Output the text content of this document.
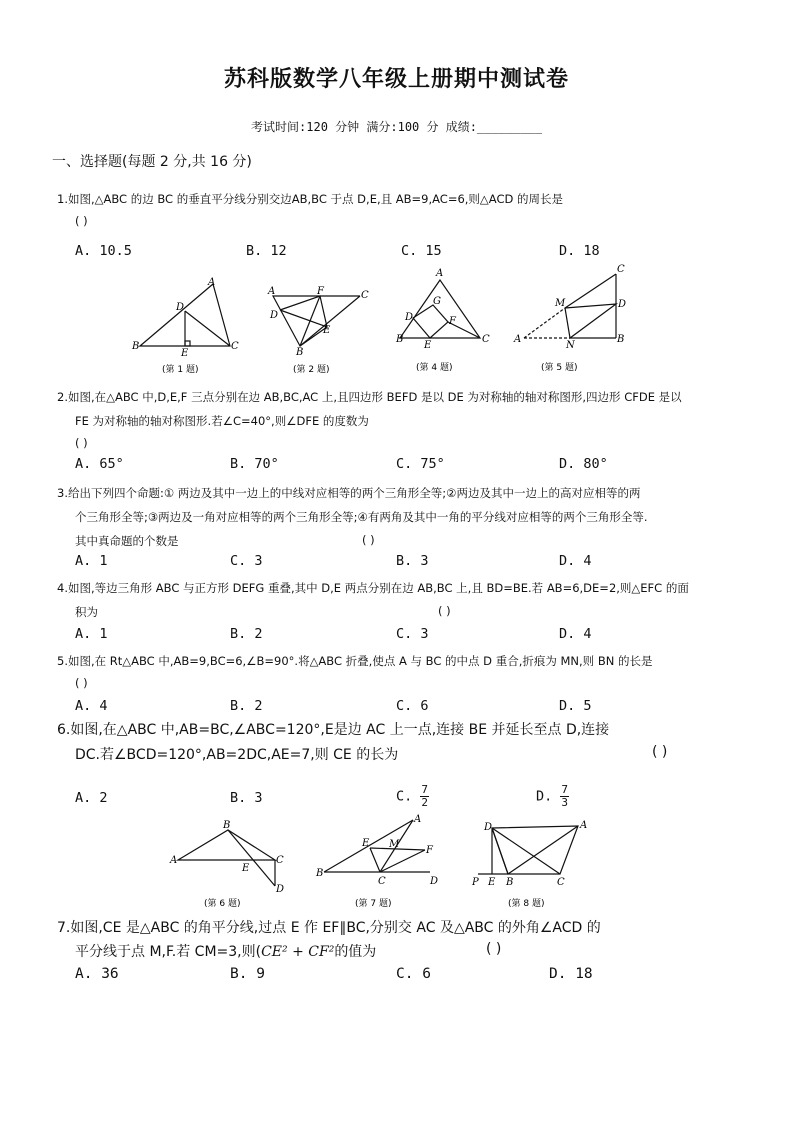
苏科版数学八年级上册期中测试卷
考试时间:120 分钟 满分:100 分 成绩:_________
一、选择题(每题 2 分,共 16 分)
1.如图,△ABC 的边 BC 的垂直平分线分别交边AB,BC 于点 D,E,且 AB=9,AC=6,则△ACD 的周长是
( )
A. 10.5	B. 12	C. 15	D. 18
A
D
B
E
C
(第 1 题)
A	F	C
D
E
B
(第 2 题)
A
G
D	F
B
E
C
(第 4 题)
C
M	D
A
N
B
(第 5 题)
2.如图,在△ABC 中,D,E,F 三点分别在边 AB,BC,AC 上,且四边形 BEFD 是以 DE 为对称轴的轴对称图形,四边形 CFDE 是以
FE 为对称轴的轴对称图形.若∠C=40°,则∠DFE 的度数为
( )
A. 65°	B. 70°	C. 75°	D. 80°
3.给出下列四个命题:① 两边及其中一边上的中线对应相等的两个三角形全等;②两边及其中一边上的高对应相等的两
个三角形全等;③两边及一角对应相等的两个三角形全等;④有两角及其中一角的平分线对应相等的两个三角形全等.
其中真命题的个数是	( )
A. 1	C. 3	B. 3	D. 4
4.如图,等边三角形 ABC 与正方形 DEFG 重叠,其中 D,E 两点分别在边 AB,BC 上,且 BD=BE.若 AB=6,DE=2,则△EFC 的面
积为	( )
A. 1	B. 2	C. 3	D. 4
5.如图,在 Rt△ABC 中,AB=9,BC=6,∠B=90°.将△ABC 折叠,使点 A 与 BC 的中点 D 重合,折痕为 MN,则 BN 的长是
( )
A. 4	B. 2	C. 6	D. 5
6.如图,在△ABC 中,AB=BC,∠ABC=120°,E是边 AC 上一点,连接 BE 并延长至点 D,连接
DC.若∠BCD=120°,AB=2DC,AE=7,则 CE 的长为	( )
A. 2	B. 3	C. $\frac{7}{2}$	D. $\frac{7}{3}$
B
A
E
C
D
(第 6 题)
A
E M
F
B
C	D
(第 7 题)
D	A
P E B	C
(第 8 题)
7.如图,CE 是△ABC 的角平分线,过点 E 作 EF∥BC,分别交 AC 及△ABC 的外角∠ACD 的
平分线于点 M,F.若 CM=3,则(CE² + CF²的值为	( )
A. 36	B. 9	C. 6	D. 18
